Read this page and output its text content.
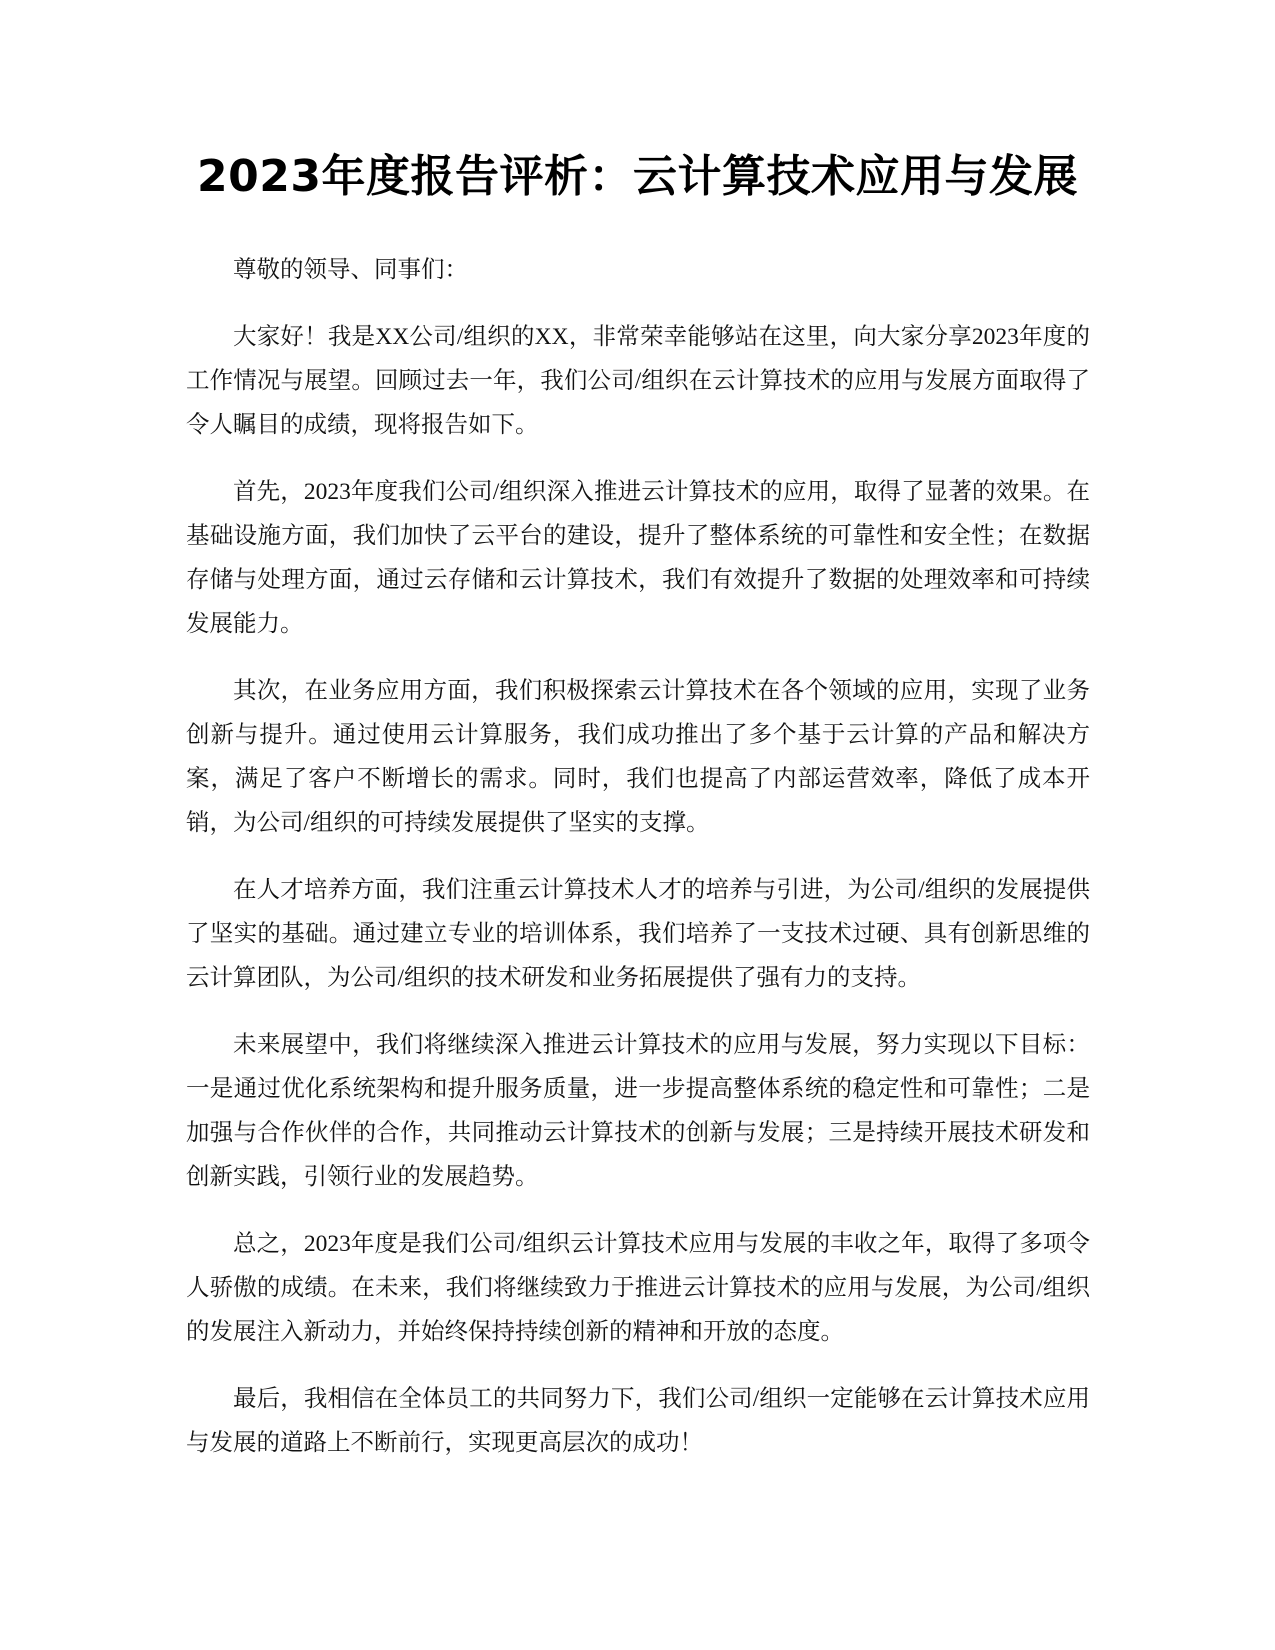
2023年度报告评析：云计算技术应用与发展

尊敬的领导、同事们：

大家好！我是XX公司/组织的XX，非常荣幸能够站在这里，向大家分享2023年度的工作情况与展望。回顾过去一年，我们公司/组织在云计算技术的应用与发展方面取得了令人瞩目的成绩，现将报告如下。

首先，2023年度我们公司/组织深入推进云计算技术的应用，取得了显著的效果。在基础设施方面，我们加快了云平台的建设，提升了整体系统的可靠性和安全性；在数据存储与处理方面，通过云存储和云计算技术，我们有效提升了数据的处理效率和可持续发展能力。

其次，在业务应用方面，我们积极探索云计算技术在各个领域的应用，实现了业务创新与提升。通过使用云计算服务，我们成功推出了多个基于云计算的产品和解决方案，满足了客户不断增长的需求。同时，我们也提高了内部运营效率，降低了成本开销，为公司/组织的可持续发展提供了坚实的支撑。

在人才培养方面，我们注重云计算技术人才的培养与引进，为公司/组织的发展提供了坚实的基础。通过建立专业的培训体系，我们培养了一支技术过硬、具有创新思维的云计算团队，为公司/组织的技术研发和业务拓展提供了强有力的支持。

未来展望中，我们将继续深入推进云计算技术的应用与发展，努力实现以下目标：一是通过优化系统架构和提升服务质量，进一步提高整体系统的稳定性和可靠性；二是加强与合作伙伴的合作，共同推动云计算技术的创新与发展；三是持续开展技术研发和创新实践，引领行业的发展趋势。

总之，2023年度是我们公司/组织云计算技术应用与发展的丰收之年，取得了多项令人骄傲的成绩。在未来，我们将继续致力于推进云计算技术的应用与发展，为公司/组织的发展注入新动力，并始终保持持续创新的精神和开放的态度。

最后，我相信在全体员工的共同努力下，我们公司/组织一定能够在云计算技术应用与发展的道路上不断前行，实现更高层次的成功！
